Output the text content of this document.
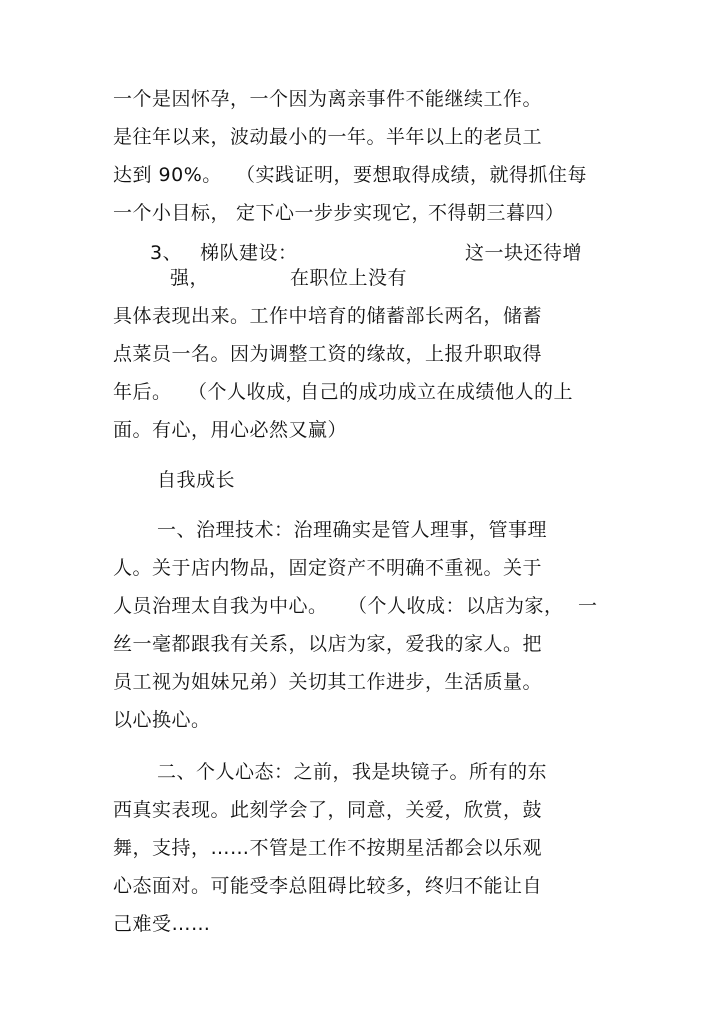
一个是因怀孕，一个因为离亲事件不能继续工作。
是往年以来，波动最小的一年。半年以上的老员工
达到 90%。 （实践证明，要想取得成绩，就得抓住每
一个小目标， 定下心一步步实现它，
不得朝三暮四）
3、 梯队建设：	这一块还待增
强，	在职位上没有
具体表现出来。工作中培育的储蓄部长两名，储蓄
点菜员一名。因为调整工资的缘故，上报升职取得
年后。 （个人收成，
自己的成功成立在成绩他人的上
面。有心，用心必然又赢）
自我成长
一、治理技术：治理确实是管人理事，管事理
人。关于店内物品，固定资产不明确不重视。关于
人员治理太自我为中心。 （个人收成： 以店为家， 一
丝一毫都跟我有关系，以店为家，爱我的家人。把
员工视为姐妹兄弟）关切其工作进步，生活质量。
以心换心。
二、个人心态：之前，我是块镜子。所有的东
西真实表现。此刻学会了，同意，关爱，欣赏，鼓
舞，支持，……不管是工作不按期星活都会以乐观
心态面对。可能受李总阻碍比较多，终归不能让自
己难受……
